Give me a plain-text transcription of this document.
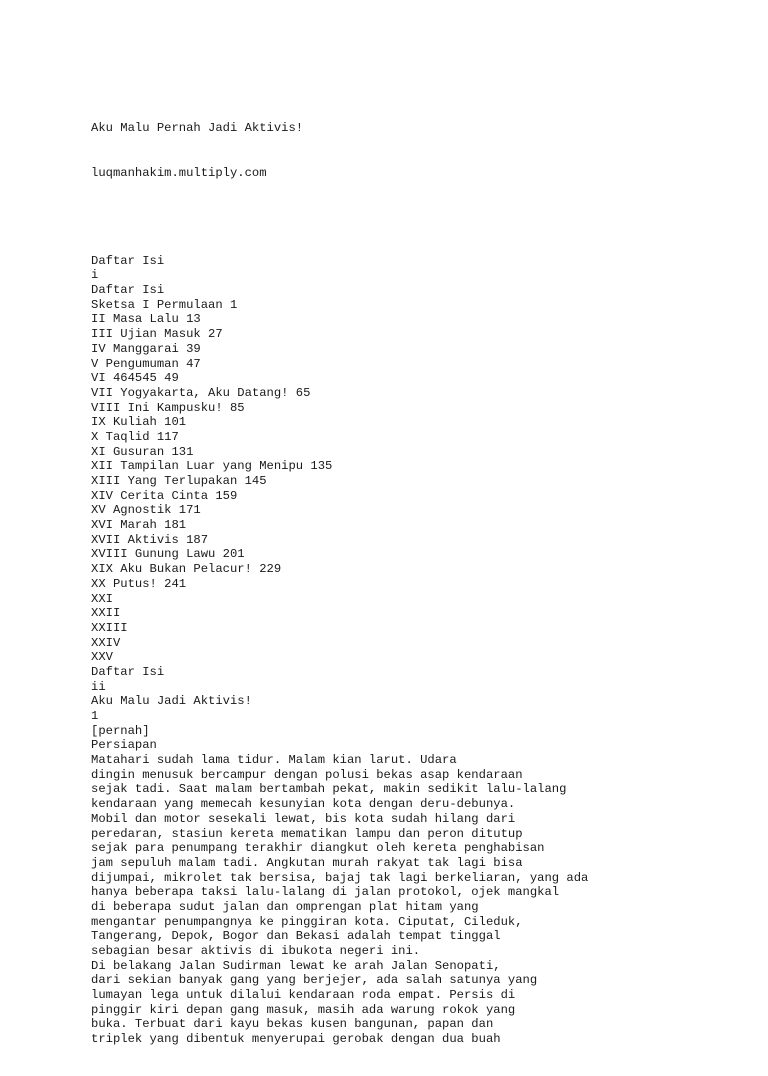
Aku Malu Pernah Jadi Aktivis!

luqmanhakim.multiply.com

Daftar Isi
i
Daftar Isi
Sketsa I Permulaan 1
II Masa Lalu 13
III Ujian Masuk 27
IV Manggarai 39
V Pengumuman 47
VI 464545 49
VII Yogyakarta, Aku Datang! 65
VIII Ini Kampusku! 85
IX Kuliah 101
X Taqlid 117
XI Gusuran 131
XII Tampilan Luar yang Menipu 135
XIII Yang Terlupakan 145
XIV Cerita Cinta 159
XV Agnostik 171
XVI Marah 181
XVII Aktivis 187
XVIII Gunung Lawu 201
XIX Aku Bukan Pelacur! 229
XX Putus! 241
XXI
XXII
XXIII
XXIV
XXV
Daftar Isi
ii
Aku Malu Jadi Aktivis!
1
[pernah]
Persiapan
Matahari sudah lama tidur. Malam kian larut. Udara
dingin menusuk bercampur dengan polusi bekas asap kendaraan
sejak tadi. Saat malam bertambah pekat, makin sedikit lalu-lalang
kendaraan yang memecah kesunyian kota dengan deru-debunya.
Mobil dan motor sesekali lewat, bis kota sudah hilang dari
peredaran, stasiun kereta mematikan lampu dan peron ditutup
sejak para penumpang terakhir diangkut oleh kereta penghabisan
jam sepuluh malam tadi. Angkutan murah rakyat tak lagi bisa
dijumpai, mikrolet tak bersisa, bajaj tak lagi berkeliaran, yang ada
hanya beberapa taksi lalu-lalang di jalan protokol, ojek mangkal
di beberapa sudut jalan dan omprengan plat hitam yang
mengantar penumpangnya ke pinggiran kota. Ciputat, Cileduk,
Tangerang, Depok, Bogor dan Bekasi adalah tempat tinggal
sebagian besar aktivis di ibukota negeri ini.
Di belakang Jalan Sudirman lewat ke arah Jalan Senopati,
dari sekian banyak gang yang berjejer, ada salah satunya yang
lumayan lega untuk dilalui kendaraan roda empat. Persis di
pinggir kiri depan gang masuk, masih ada warung rokok yang
buka. Terbuat dari kayu bekas kusen bangunan, papan dan
triplek yang dibentuk menyerupai gerobak dengan dua buah
